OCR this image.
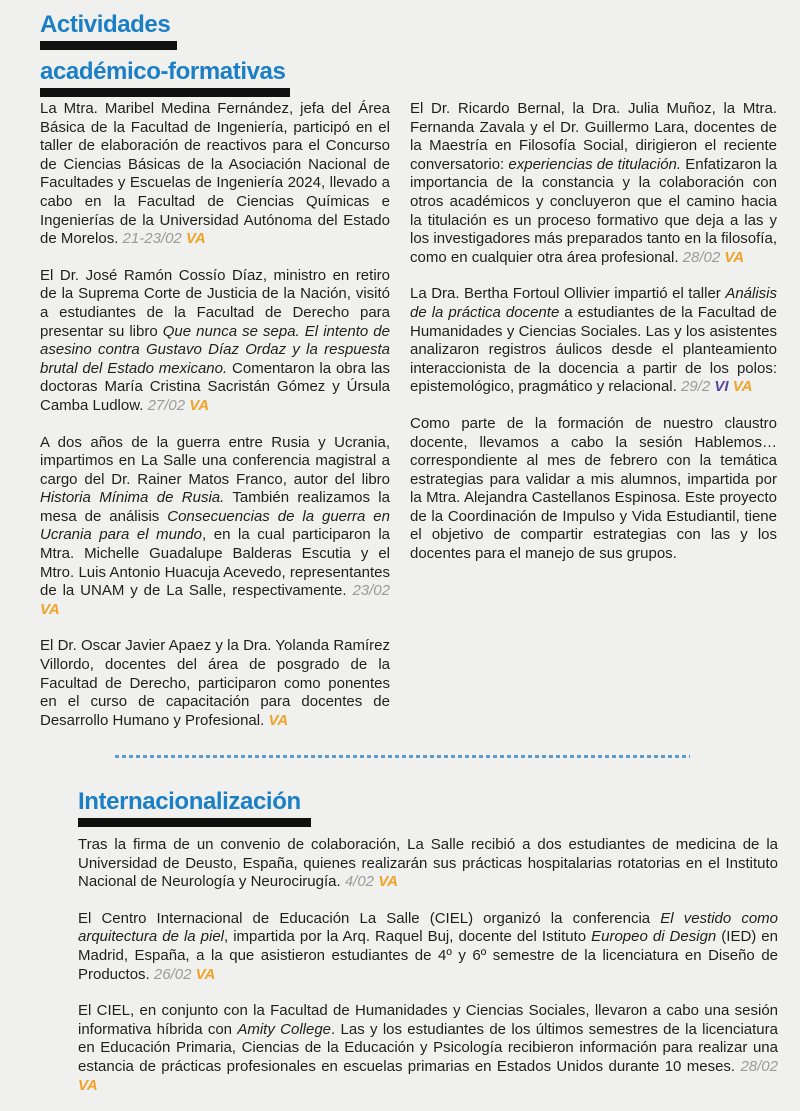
Actividades
académico-formativas

La Mtra. Maribel Medina Fernández, jefa del Área Básica de la Facultad de Ingeniería, participó en el taller de elaboración de reactivos para el Concurso de Ciencias Básicas de la Asociación Nacional de Facultades y Escuelas de Ingeniería 2024, llevado a cabo en la Facultad de Ciencias Químicas e Ingenierías de la Universidad Autónoma del Estado de Morelos. 21-23/02 VA

El Dr. José Ramón Cossío Díaz, ministro en retiro de la Suprema Corte de Justicia de la Nación, visitó a estudiantes de la Facultad de Derecho para presentar su libro Que nunca se sepa. El intento de asesino contra Gustavo Díaz Ordaz y la respuesta brutal del Estado mexicano. Comentaron la obra las doctoras María Cristina Sacristán Gómez y Úrsula Camba Ludlow. 27/02 VA

A dos años de la guerra entre Rusia y Ucrania, impartimos en La Salle una conferencia magistral a cargo del Dr. Rainer Matos Franco, autor del libro Historia Mínima de Rusia. También realizamos la mesa de análisis Consecuencias de la guerra en Ucrania para el mundo, en la cual participaron la Mtra. Michelle Guadalupe Balderas Escutia y el Mtro. Luis Antonio Huacuja Acevedo, representantes de la UNAM y de La Salle, respectivamente. 23/02 VA

El Dr. Oscar Javier Apaez y la Dra. Yolanda Ramírez Villordo, docentes del área de posgrado de la Facultad de Derecho, participaron como ponentes en el curso de capacitación para docentes de Desarrollo Humano y Profesional. VA

El Dr. Ricardo Bernal, la Dra. Julia Muñoz, la Mtra. Fernanda Zavala y el Dr. Guillermo Lara, docentes de la Maestría en Filosofía Social, dirigieron el reciente conversatorio: experiencias de titulación. Enfatizaron la importancia de la constancia y la colaboración con otros académicos y concluyeron que el camino hacia la titulación es un proceso formativo que deja a las y los investigadores más preparados tanto en la filosofía, como en cualquier otra área profesional. 28/02 VA

La Dra. Bertha Fortoul Ollivier impartió el taller Análisis de la práctica docente a estudiantes de la Facultad de Humanidades y Ciencias Sociales. Las y los asistentes analizaron registros áulicos desde el planteamiento interaccionista de la docencia a partir de los polos: epistemológico, pragmático y relacional. 29/2 VI VA

Como parte de la formación de nuestro claustro docente, llevamos a cabo la sesión Hablemos… correspondiente al mes de febrero con la temática estrategias para validar a mis alumnos, impartida por la Mtra. Alejandra Castellanos Espinosa. Este proyecto de la Coordinación de Impulso y Vida Estudiantil, tiene el objetivo de compartir estrategias con las y los docentes para el manejo de sus grupos.

Internacionalización

Tras la firma de un convenio de colaboración, La Salle recibió a dos estudiantes de medicina de la Universidad de Deusto, España, quienes realizarán sus prácticas hospitalarias rotatorias en el Instituto Nacional de Neurología y Neurocirugía. 4/02 VA

El Centro Internacional de Educación La Salle (CIEL) organizó la conferencia El vestido como arquitectura de la piel, impartida por la Arq. Raquel Buj, docente del Istituto Europeo di Design (IED) en Madrid, España, a la que asistieron estudiantes de 4º y 6º semestre de la licenciatura en Diseño de Productos. 26/02 VA

El CIEL, en conjunto con la Facultad de Humanidades y Ciencias Sociales, llevaron a cabo una sesión informativa híbrida con Amity College. Las y los estudiantes de los últimos semestres de la licenciatura en Educación Primaria, Ciencias de la Educación y Psicología recibieron información para realizar una estancia de prácticas profesionales en escuelas primarias en Estados Unidos durante 10 meses. 28/02 VA
